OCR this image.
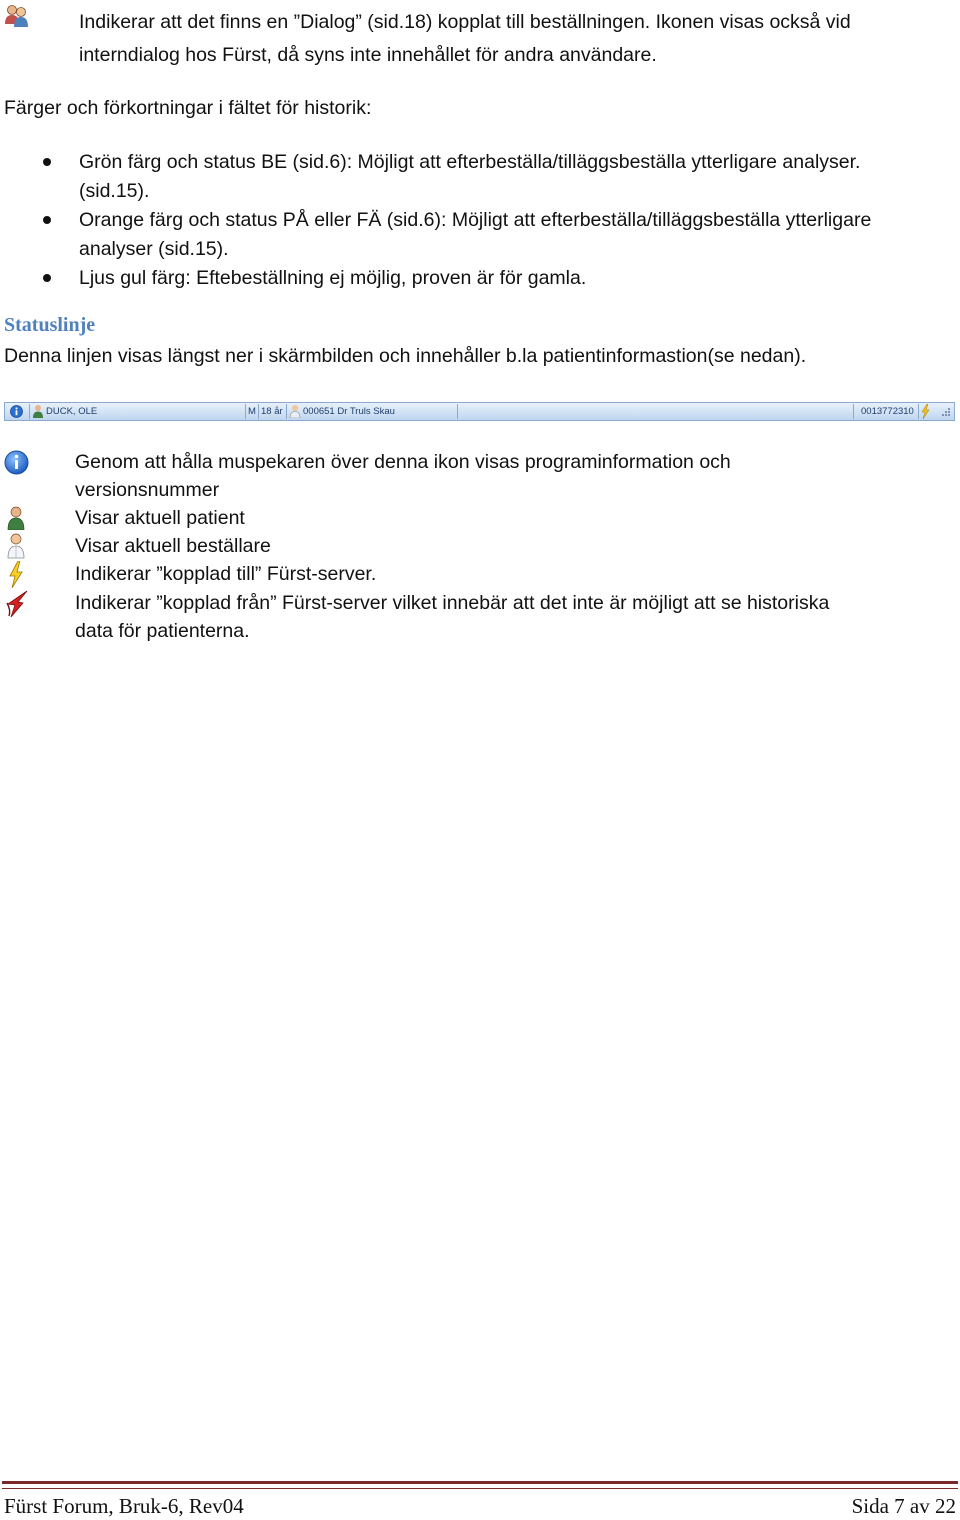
Indikerar att det finns en ”Dialog” (sid.18) kopplat till beställningen. Ikonen visas också vid
interndialog hos Fürst, då syns inte innehållet för andra användare.
Färger och förkortningar i fältet för historik:
Grön färg och status BE (sid.6): Möjligt att efterbeställa/tilläggsbeställa ytterligare analyser.
(sid.15).
Orange färg och status PÅ eller FÄ (sid.6): Möjligt att efterbeställa/tilläggsbeställa ytterligare
analyser (sid.15).
Ljus gul färg: Eftebeställning ej möjlig, proven är för gamla.
Statuslinje
Denna linjen visas längst ner i skärmbilden och innehåller b.la patientinformastion(se nedan).
DUCK, OLE	M 18 år 000651 Dr Truls Skau	0013772310
Genom att hålla muspekaren över denna ikon visas programinformation och
versionsnummer
Visar aktuell patient
Visar aktuell beställare
Indikerar ”kopplad till” Fürst-server.
Indikerar ”kopplad från” Fürst-server vilket innebär att det inte är möjligt att se historiska
data för patienterna.
Fürst Forum, Bruk-6, Rev04	Sida 7 av 22
